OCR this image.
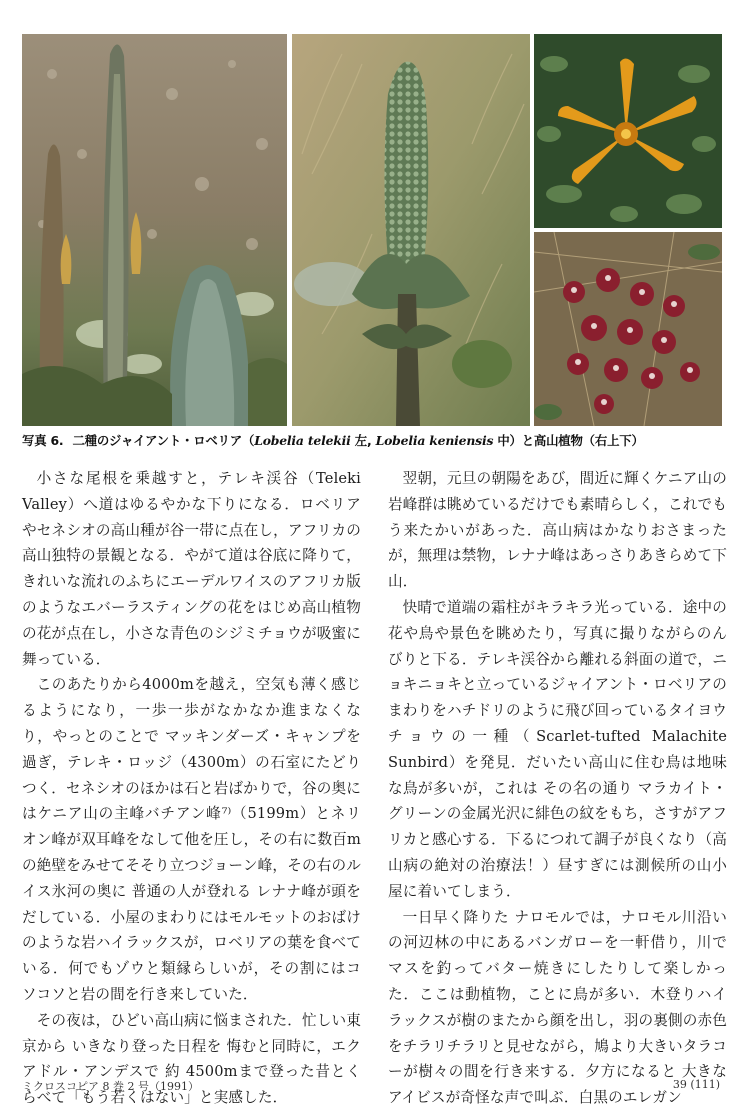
写真 6. 二種のジャイアント・ロベリア（Lobelia telekii 左, Lobelia keniensis 中）と高山植物（右上下）

小さな尾根を乗越すと，テレキ渓谷（Teleki Valley）へ道はゆるやかな下りになる．ロベリアやセネシオの高山種が谷一帯に点在し，アフリカの高山独特の景観となる．やがて道は谷底に降りて，きれいな流れのふちにエーデルワイスのアフリカ版のようなエバーラスティングの花をはじめ高山植物の花が点在し，小さな青色のシジミチョウが吸蜜に舞っている．

このあたりから4000mを越え，空気も薄く感じるようになり，一歩一歩がなかなか進まなくなり，やっとのことで マッキンダーズ・キャンプを過ぎ，テレキ・ロッジ（4300m）の石室にたどりつく．セネシオのほかは石と岩ばかりで，谷の奥にはケニア山の主峰バチアン峰⁷⁾（5199m）とネリオン峰が双耳峰をなして他を圧し，その右に数百mの絶壁をみせてそそり立つジョーン峰，その右のルイス氷河の奥に 普通の人が登れる レナナ峰が頭をだしている．小屋のまわりにはモルモットのおばけのような岩ハイラックスが，ロベリアの葉を食べている．何でもゾウと類縁らしいが，その割にはコソコソと岩の間を行き来していた．

その夜は，ひどい高山病に悩まされた．忙しい東京から いきなり登った日程を 悔むと同時に，エクアドル・アンデスで 約 4500mまで登った昔とくらべて「もう若くはない」と実感した．

翌朝，元旦の朝陽をあび，間近に輝くケニア山の岩峰群は眺めているだけでも素晴らしく，これでもう来たかいがあった．高山病はかなりおさまったが，無理は禁物，レナナ峰はあっさりあきらめて下山．

快晴で道端の霜柱がキラキラ光っている．途中の花や鳥や景色を眺めたり，写真に撮りながらのんびりと下る．テレキ渓谷から離れる斜面の道で，ニョキニョキと立っているジャイアント・ロベリアのまわりをハチドリのように飛び回っているタイヨウチョウの一種（Scarlet-tufted Malachite Sunbird）を発見．だいたい高山に住む鳥は地味な鳥が多いが，これは その名の通り マラカイト・グリーンの金属光沢に緋色の紋をもち，さすがアフリカと感心する．下るにつれて調子が良くなり（高山病の絶対の治療法！）昼すぎには測候所の山小屋に着いてしまう．

一日早く降りた ナロモルでは，ナロモル川沿いの河辺林の中にあるバンガローを一軒借り，川でマスを釣ってバター焼きにしたりして楽しかった．ここは動植物，ことに鳥が多い．木登りハイラックスが樹のまたから顔を出し，羽の裏側の赤色をチラリチラリと見せながら，鳩より大きいタラコーが樹々の間を行き来する．夕方になると 大きなアイビスが奇怪な声で叫ぶ．白黒のエレガン

ミクロスコピア 8 巻 2 号（1991）	39 (111)
